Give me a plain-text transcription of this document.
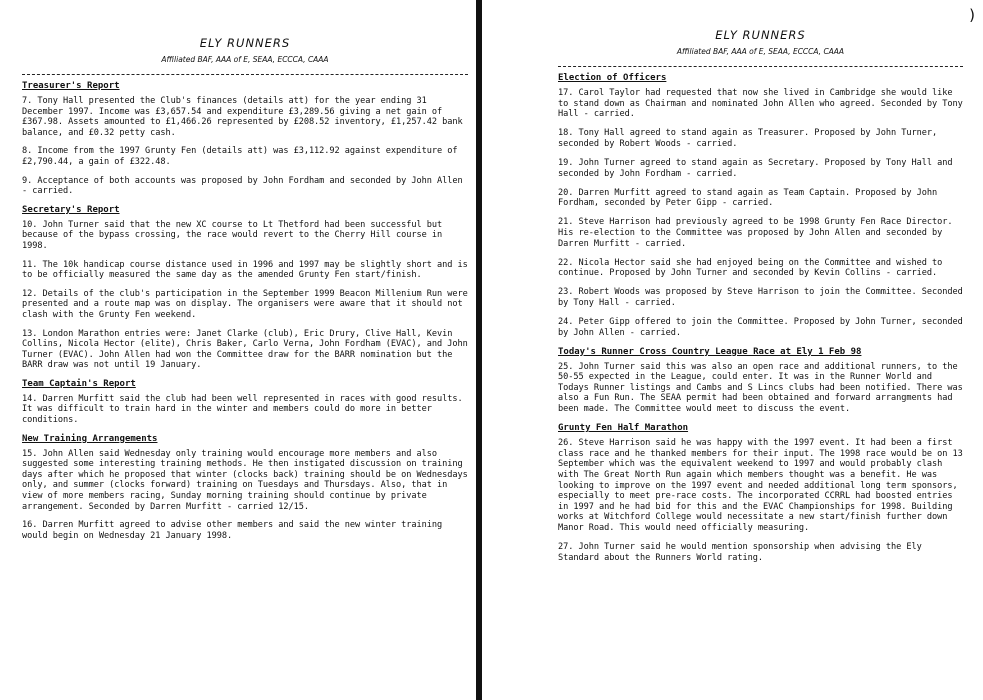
ELY RUNNERS
Affiliated BAF, AAA of E, SEAA, ECCCA, CAAA
Treasurer's Report

7. Tony Hall presented the Club's finances (details att) for the year ending 31 December 1997. Income was £3,657.54 and expenditure £3,289.56 giving a net gain of £367.98. Assets amounted to £1,466.26 represented by £208.52 inventory, £1,257.42 bank balance, and £0.32 petty cash.

8. Income from the 1997 Grunty Fen (details att) was £3,112.92 against expenditure of £2,790.44, a gain of £322.48.

9. Acceptance of both accounts was proposed by John Fordham and seconded by John Allen - carried.

Secretary's Report

10. John Turner said that the new XC course to Lt Thetford had been successful but because of the bypass crossing, the race would revert to the Cherry Hill course in 1998.

11. The 10k handicap course distance used in 1996 and 1997 may be slightly short and is to be officially measured the same day as the amended Grunty Fen start/finish.

12. Details of the club's participation in the September 1999 Beacon Millenium Run were presented and a route map was on display. The organisers were aware that it should not clash with the Grunty Fen weekend.

13. London Marathon entries were: Janet Clarke (club), Eric Drury, Clive Hall, Kevin Collins, Nicola Hector (elite), Chris Baker, Carlo Verna, John Fordham (EVAC), and John Turner (EVAC). John Allen had won the Committee draw for the BARR nomination but the BARR draw was not until 19 January.

Team Captain's Report

14. Darren Murfitt said the club had been well represented in races with good results. It was difficult to train hard in the winter and members could do more in better conditions.

New Training Arrangements

15. John Allen said Wednesday only training would encourage more members and also suggested some interesting training methods. He then instigated discussion on training days after which he proposed that winter (clocks back) training should be on Wednesdays only, and summer (clocks forward) training on Tuesdays and Thursdays. Also, that in view of more members racing, Sunday morning training should continue by private arrangement. Seconded by Darren Murfitt - carried 12/15.

16. Darren Murfitt agreed to advise other members and said the new winter training would begin on Wednesday 21 January 1998.

ELY RUNNERS
Affiliated BAF, AAA of E, SEAA, ECCCA, CAAA
Election of Officers

17. Carol Taylor had requested that now she lived in Cambridge she would like to stand down as Chairman and nominated John Allen who agreed. Seconded by Tony Hall - carried.

18. Tony Hall agreed to stand again as Treasurer. Proposed by John Turner, seconded by Robert Woods - carried.

19. John Turner agreed to stand again as Secretary. Proposed by Tony Hall and seconded by John Fordham - carried.

20. Darren Murfitt agreed to stand again as Team Captain. Proposed by John Fordham, seconded by Peter Gipp - carried.

21. Steve Harrison had previously agreed to be 1998 Grunty Fen Race Director. His re-election to the Committee was proposed by John Allen and seconded by Darren Murfitt - carried.

22. Nicola Hector said she had enjoyed being on the Committee and wished to continue. Proposed by John Turner and seconded by Kevin Collins - carried.

23. Robert Woods was proposed by Steve Harrison to join the Committee. Seconded by Tony Hall - carried.

24. Peter Gipp offered to join the Committee. Proposed by John Turner, seconded by John Allen - carried.

Today's Runner Cross Country League Race at Ely 1 Feb 98

25. John Turner said this was also an open race and additional runners, to the 50-55 expected in the League, could enter. It was in the Runner World and Todays Runner listings and Cambs and S Lincs clubs had been notified. There was also a Fun Run. The SEAA permit had been obtained and forward arrangments had been made. The Committee would meet to discuss the event.

Grunty Fen Half Marathon

26. Steve Harrison said he was happy with the 1997 event. It had been a first class race and he thanked members for their input. The 1998 race would be on 13 September which was the equivalent weekend to 1997 and would probably clash with The Great North Run again which members thought was a benefit. He was looking to improve on the 1997 event and needed additional long term sponsors, especially to meet pre-race costs. The incorporated CCRRL had boosted entries in 1997 and he had bid for this and the EVAC Championships for 1998. Building works at Witchford College would necessitate a new start/finish further down Manor Road. This would need officially measuring.

27. John Turner said he would mention sponsorship when advising the Ely Standard about the Runners World rating.

)
